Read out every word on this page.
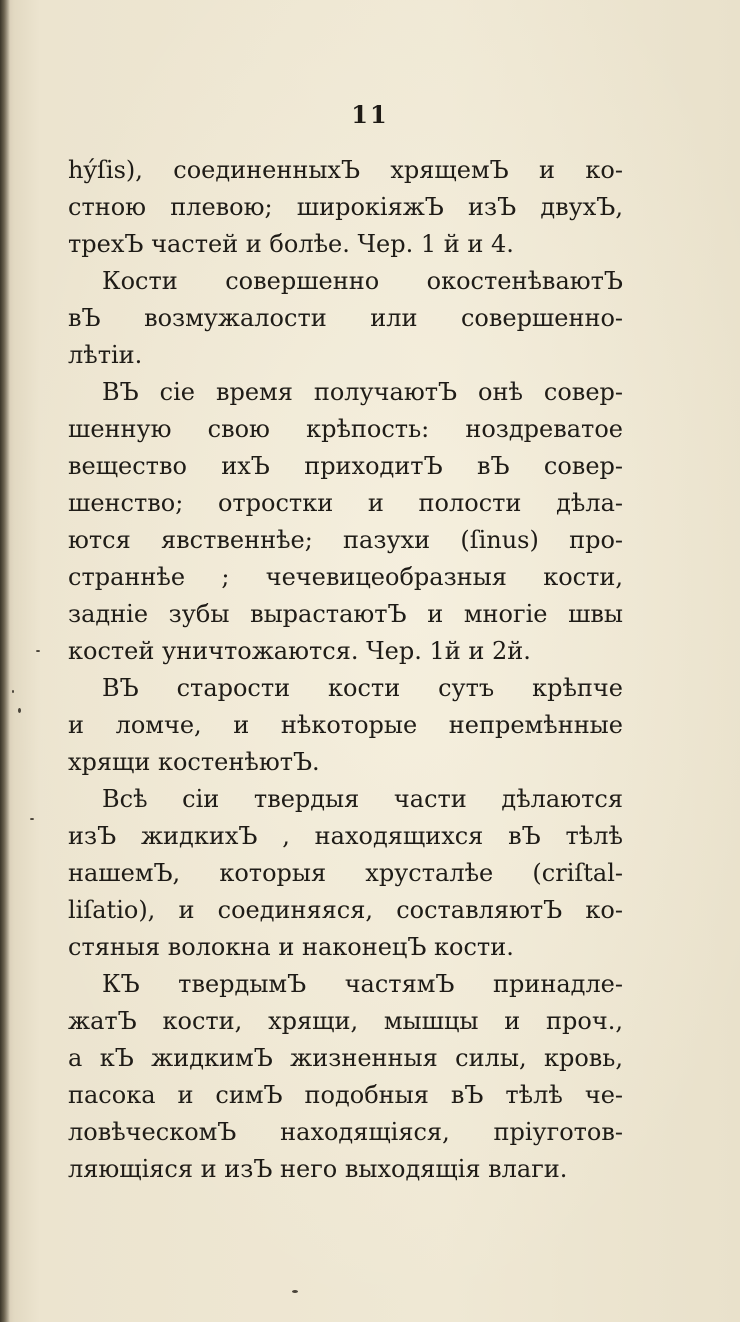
11
hýſis), соединенныхЪ хрящемЪ и ко-
стною плевою; широкіяжЪ изЪ двухЪ,
трехЪ частей и болѣе. Чер. 1 й и 4.
Кости совершенно окостенѣваютЪ
вЪ возмужалости или совершенно-
лѣтіи.
ВЪ сіе время получаютЪ онѣ совер-
шенную свою крѣпость: ноздреватое
вещество ихЪ приходитЪ вЪ совер-
шенство; отростки и полости дѣла-
ются явственнѣе; пазухи (ſinus) про-
страннѣе ; чечевицеобразныя кости,
задніе зубы вырастаютЪ и многіе швы
костей уничтожаются. Чер. 1й и 2й.
ВЪ старости кости сутъ крѣпче
и ломче, и нѣкоторые непремѣнные
хрящи костенѣютЪ.
Всѣ сіи твердыя части дѣлаются
изЪ жидкихЪ , находящихся вЪ тѣлѣ
нашемЪ, которыя хрусталѣе (criſtal-
liſatio), и соединяяся, составляютЪ ко-
стяныя волокна и наконецЪ кости.
КЪ твердымЪ частямЪ принадле-
жатЪ кости, хрящи, мышцы и проч.,
а кЪ жидкимЪ жизненныя силы, кровь,
пасока и симЪ подобныя вЪ тѣлѣ че-
ловѣческомЪ находящіяся, пріуготов-
ляющіяся и изЪ него выходящія влаги.
